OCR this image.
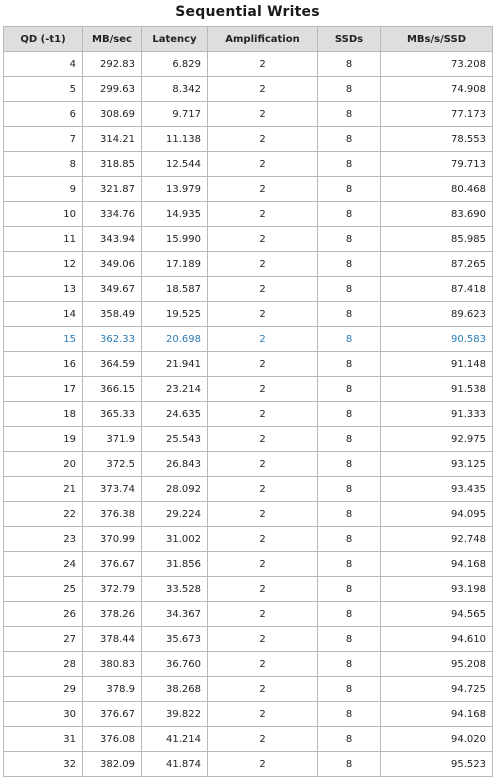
Sequential Writes
QD (-t1)	MB/sec	Latency	Amplification	SSDs	MBs/s/SSD
4	292.83	6.829	2	8	73.208
5	299.63	8.342	2	8	74.908
6	308.69	9.717	2	8	77.173
7	314.21	11.138	2	8	78.553
8	318.85	12.544	2	8	79.713
9	321.87	13.979	2	8	80.468
10	334.76	14.935	2	8	83.690
11	343.94	15.990	2	8	85.985
12	349.06	17.189	2	8	87.265
13	349.67	18.587	2	8	87.418
14	358.49	19.525	2	8	89.623
15	362.33	20.698	2	8	90.583
16	364.59	21.941	2	8	91.148
17	366.15	23.214	2	8	91.538
18	365.33	24.635	2	8	91.333
19	371.9	25.543	2	8	92.975
20	372.5	26.843	2	8	93.125
21	373.74	28.092	2	8	93.435
22	376.38	29.224	2	8	94.095
23	370.99	31.002	2	8	92.748
24	376.67	31.856	2	8	94.168
25	372.79	33.528	2	8	93.198
26	378.26	34.367	2	8	94.565
27	378.44	35.673	2	8	94.610
28	380.83	36.760	2	8	95.208
29	378.9	38.268	2	8	94.725
30	376.67	39.822	2	8	94.168
31	376.08	41.214	2	8	94.020
32	382.09	41.874	2	8	95.523
